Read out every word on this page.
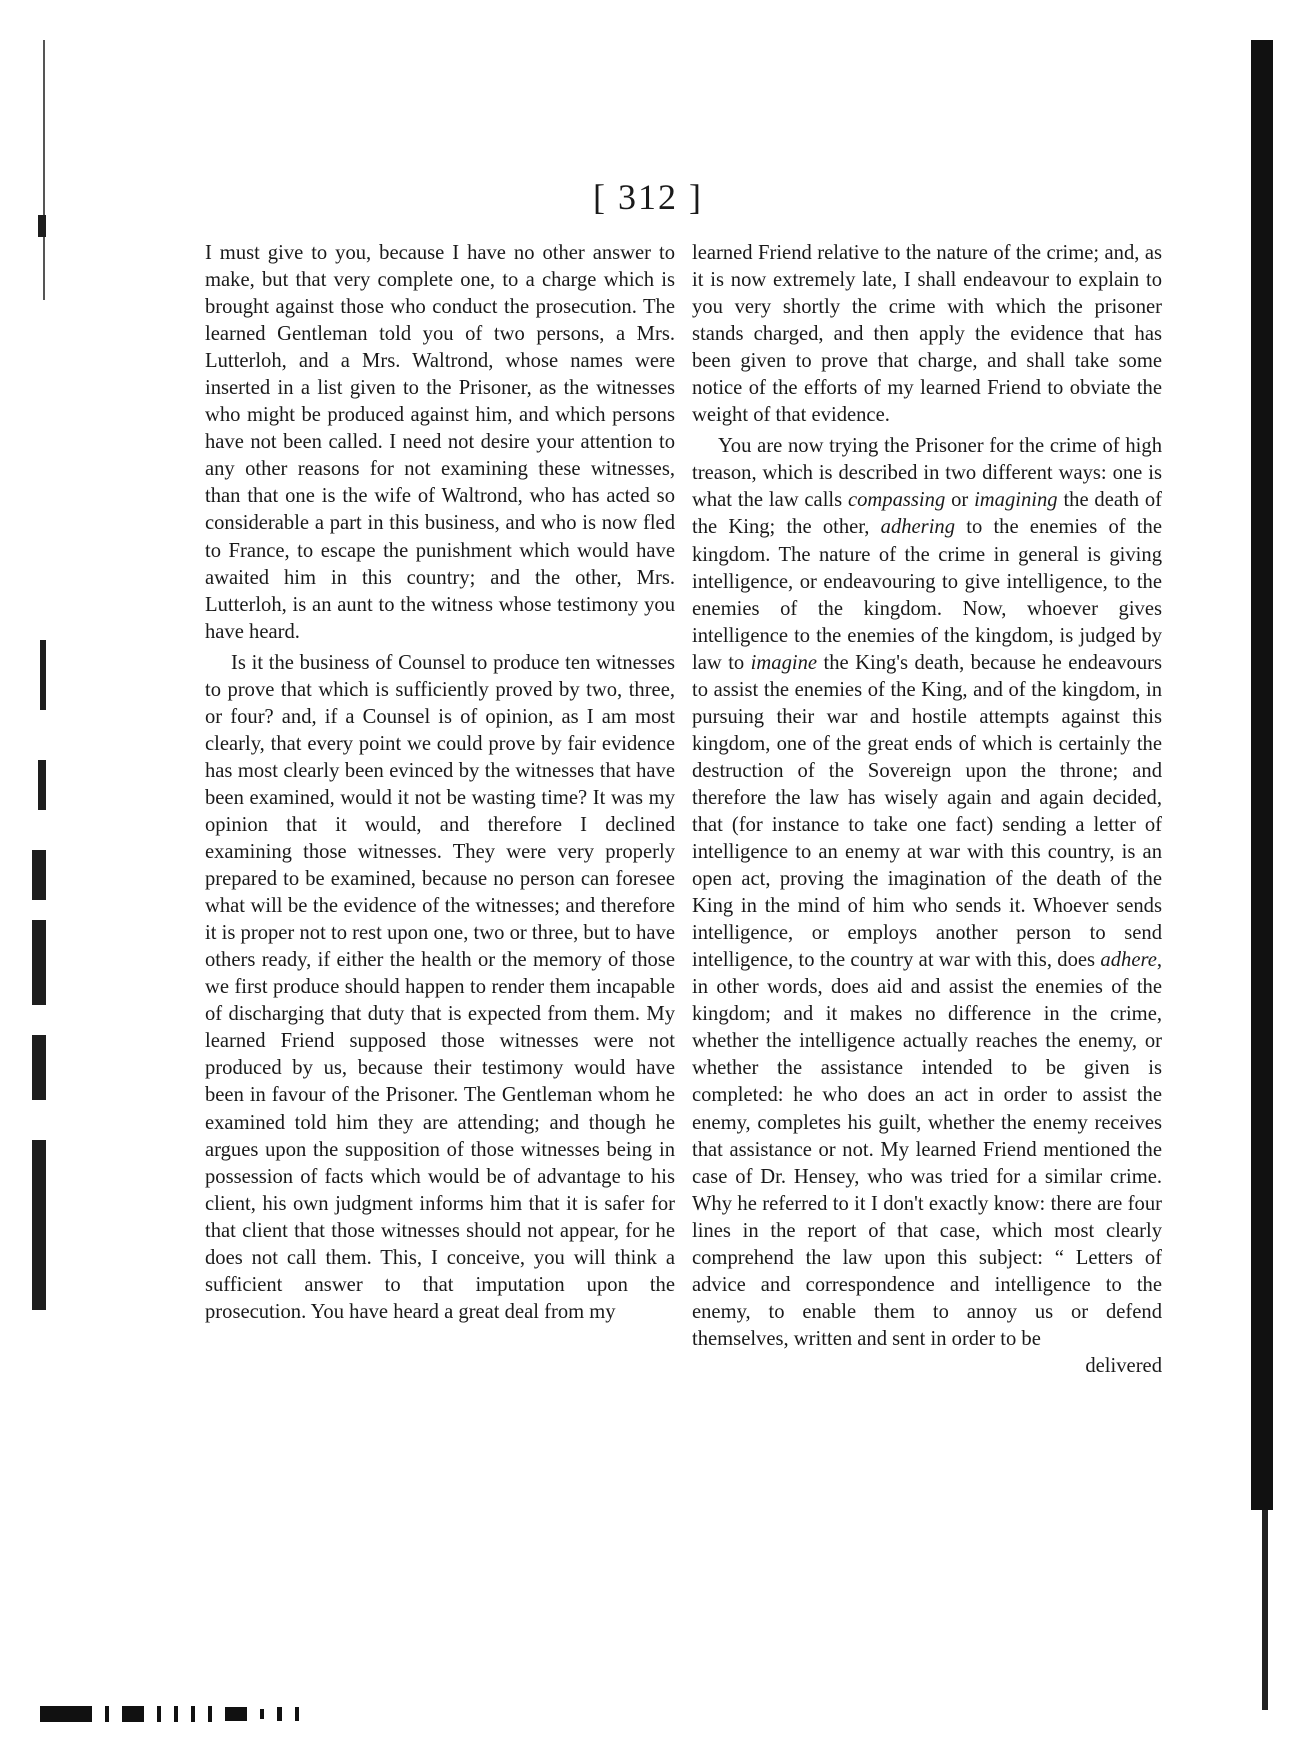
[ 312 ]

I must give to you, because I have no other answer to make, but that very complete one, to a charge which is brought against those who conduct the prosecution. The learned Gentleman told you of two persons, a Mrs. Lutterloh, and a Mrs. Waltrond, whose names were inserted in a list given to the Prisoner, as the witnesses who might be produced against him, and which persons have not been called. I need not desire your attention to any other reasons for not examining these witnesses, than that one is the wife of Waltrond, who has acted so considerable a part in this business, and who is now fled to France, to escape the punishment which would have awaited him in this country; and the other, Mrs. Lutterloh, is an aunt to the witness whose testimony you have heard.

Is it the business of Counsel to produce ten witnesses to prove that which is sufficiently proved by two, three, or four? and, if a Counsel is of opinion, as I am most clearly, that every point we could prove by fair evidence has most clearly been evinced by the witnesses that have been examined, would it not be wasting time? It was my opinion that it would, and therefore I declined examining those witnesses. They were very properly prepared to be examined, because no person can foresee what will be the evidence of the witnesses; and therefore it is proper not to rest upon one, two or three, but to have others ready, if either the health or the memory of those we first produce should happen to render them incapable of discharging that duty that is expected from them. My learned Friend supposed those witnesses were not produced by us, because their testimony would have been in favour of the Prisoner. The Gentleman whom he examined told him they are attending; and though he argues upon the supposition of those witnesses being in possession of facts which would be of advantage to his client, his own judgment informs him that it is safer for that client that those witnesses should not appear, for he does not call them. This, I conceive, you will think a sufficient answer to that imputation upon the prosecution. You have heard a great deal from my

learned Friend relative to the nature of the crime; and, as it is now extremely late, I shall endeavour to explain to you very shortly the crime with which the prisoner stands charged, and then apply the evidence that has been given to prove that charge, and shall take some notice of the efforts of my learned Friend to obviate the weight of that evidence.

You are now trying the Prisoner for the crime of high treason, which is described in two different ways: one is what the law calls compassing or imagining the death of the King; the other, adhering to the enemies of the kingdom. The nature of the crime in general is giving intelligence, or endeavouring to give intelligence, to the enemies of the kingdom. Now, whoever gives intelligence to the enemies of the kingdom, is judged by law to imagine the King's death, because he endeavours to assist the enemies of the King, and of the kingdom, in pursuing their war and hostile attempts against this kingdom, one of the great ends of which is certainly the destruction of the Sovereign upon the throne; and therefore the law has wisely again and again decided, that (for instance to take one fact) sending a letter of intelligence to an enemy at war with this country, is an open act, proving the imagination of the death of the King in the mind of him who sends it. Whoever sends intelligence, or employs another person to send intelligence, to the country at war with this, does adhere, in other words, does aid and assist the enemies of the kingdom; and it makes no difference in the crime, whether the intelligence actually reaches the enemy, or whether the assistance intended to be given is completed: he who does an act in order to assist the enemy, completes his guilt, whether the enemy receives that assistance or not. My learned Friend mentioned the case of Dr. Hensey, who was tried for a similar crime. Why he referred to it I don't exactly know: there are four lines in the report of that case, which most clearly comprehend the law upon this subject: “ Letters of advice and correspondence and intelligence to the enemy, to enable them to annoy us or defend themselves, written and sent in order to be

delivered
